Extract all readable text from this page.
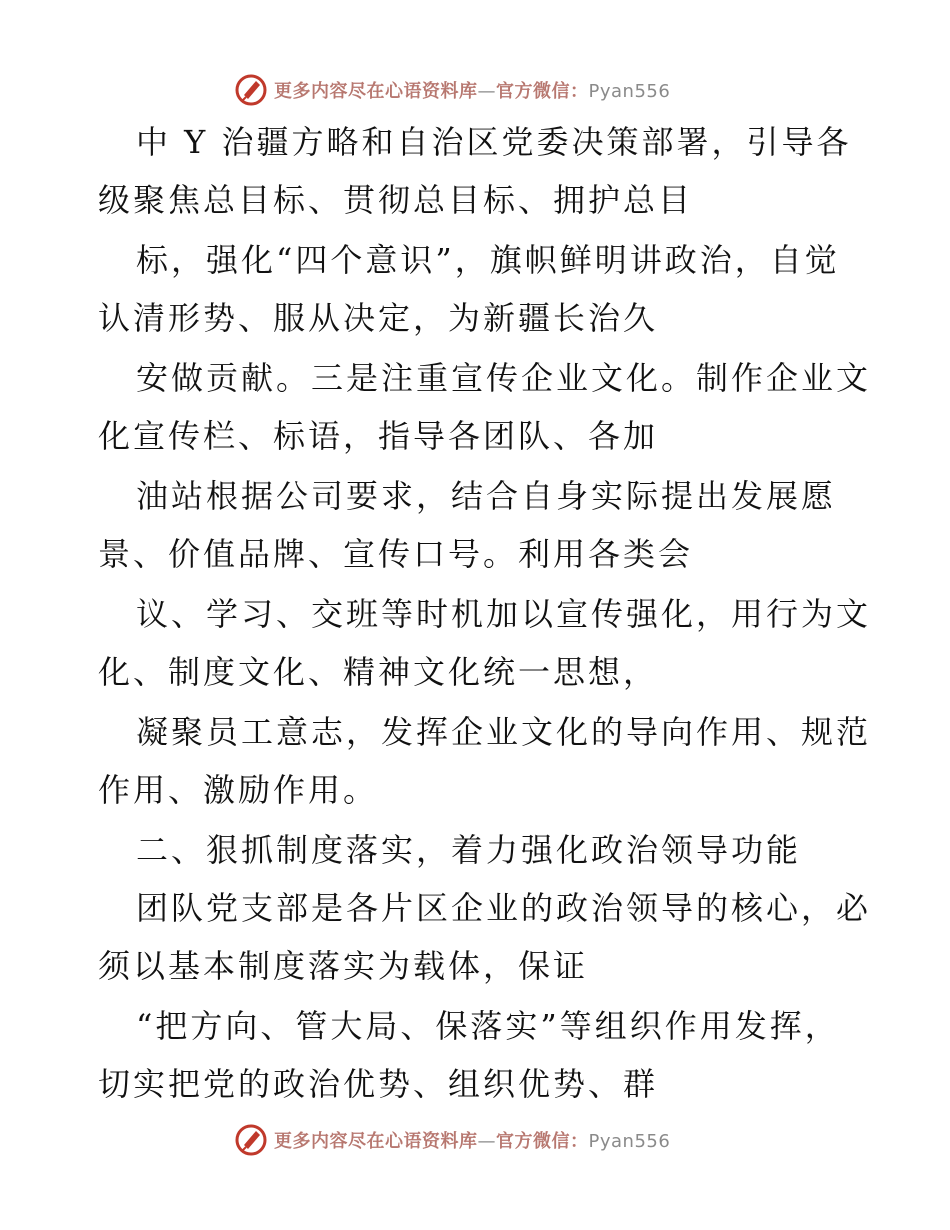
更多内容尽在心语资料库—官方微信：Pyan556
中 Y 治疆方略和自治区党委决策部署，引导各
级聚焦总目标、贯彻总目标、拥护总目
标，强化“四个意识”，旗帜鲜明讲政治，自觉
认清形势、服从决定，为新疆长治久
安做贡献。三是注重宣传企业文化。制作企业文
化宣传栏、标语，指导各团队、各加
油站根据公司要求，结合自身实际提出发展愿
景、价值品牌、宣传口号。利用各类会
议、学习、交班等时机加以宣传强化，用行为文
化、制度文化、精神文化统一思想，
凝聚员工意志，发挥企业文化的导向作用、规范
作用、激励作用。
二、狠抓制度落实，着力强化政治领导功能
团队党支部是各片区企业的政治领导的核心，必
须以基本制度落实为载体，保证
“把方向、管大局、保落实”等组织作用发挥，
切实把党的政治优势、组织优势、群
更多内容尽在心语资料库—官方微信：Pyan556
